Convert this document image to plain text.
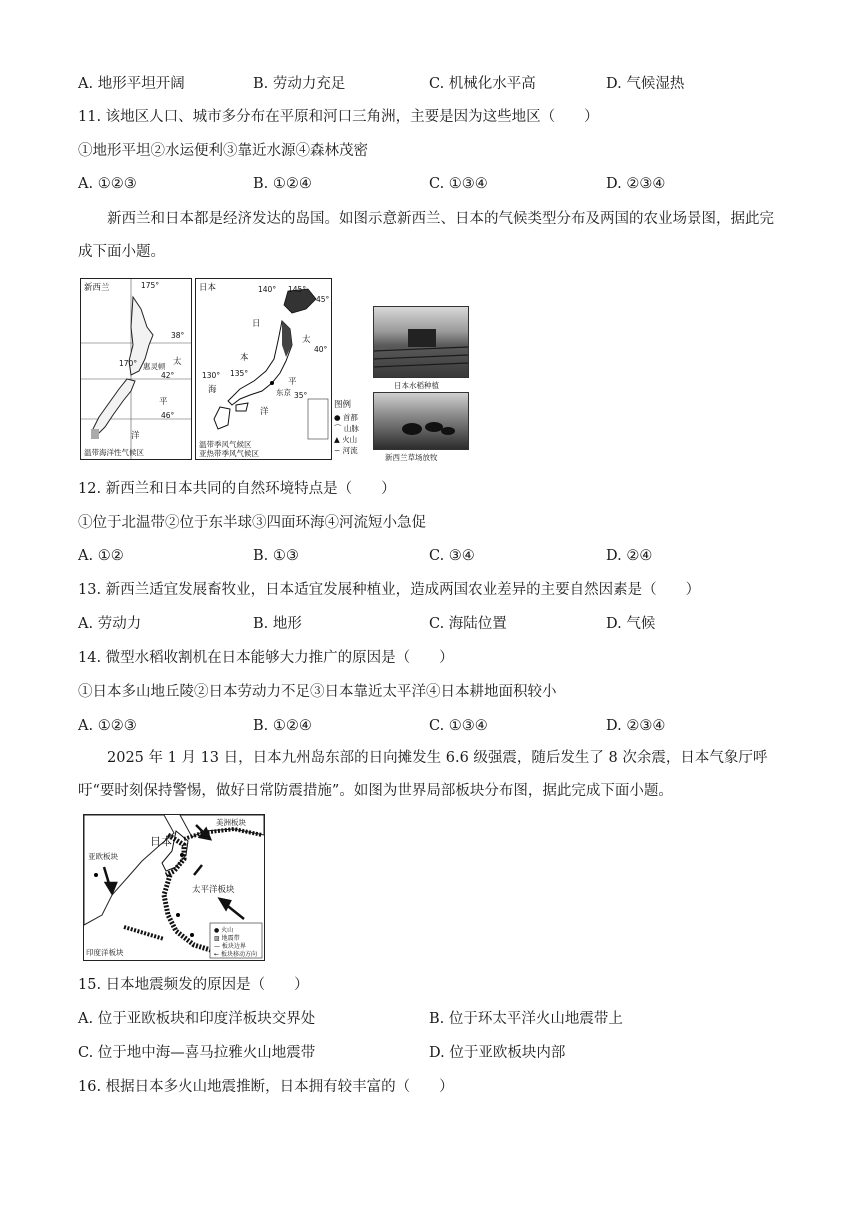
A. 地形平坦开阔	B. 劳动力充足	C. 机械化水平高	D. 气候湿热
11. 该地区人口、城市多分布在平原和河口三角洲，主要是因为这些地区（　　）
①地形平坦②水运便利③靠近水源④森林茂密
A. ①②③	B. ①②④	C. ①③④	D. ②③④
新西兰和日本都是经济发达的岛国。如图示意新西兰、日本的气候类型分布及两国的农业场景图，据此完成下面小题。
新西兰	175°
170°
38°
42°
46°
惠灵顿 太
平
洋
温带海洋性气候区
日本	140° 145°
45°
40°
35°
130° 135°
日
本
海
太
平
洋
东京
温带季风气候区
亚热带季风气候区
图例
● 首都
⌒ 山脉
▲ 火山
∽ 河流
日本水稻种植
新西兰草场放牧
12. 新西兰和日本共同的自然环境特点是（　　）
①位于北温带②位于东半球③四面环海④河流短小急促
A. ①②	B. ①③	C. ③④	D. ②④
13. 新西兰适宜发展畜牧业，日本适宜发展种植业，造成两国农业差异的主要自然因素是（　　）
A. 劳动力	B. 地形	C. 海陆位置	D. 气候
14. 微型水稻收割机在日本能够大力推广的原因是（　　）
①日本多山地丘陵②日本劳动力不足③日本靠近太平洋④日本耕地面积较小
A. ①②③	B. ①②④	C. ①③④	D. ②③④
2025 年 1 月 13 日，日本九州岛东部的日向摊发生 6.6 级强震，随后发生了 8 次余震，日本气象厅呼吁“要时刻保持警惕，做好日常防震措施”。如图为世界局部板块分布图，据此完成下面小题。
日本
美洲板块
亚欧板块
太平洋板块
印度洋板块
● 火山
▨ 地震带
— 板块边界
← 板块移动方向
15. 日本地震频发的原因是（　　）
A. 位于亚欧板块和印度洋板块交界处	B. 位于环太平洋火山地震带上
C. 位于地中海—喜马拉雅火山地震带	D. 位于亚欧板块内部
16. 根据日本多火山地震推断，日本拥有较丰富的（　　）
